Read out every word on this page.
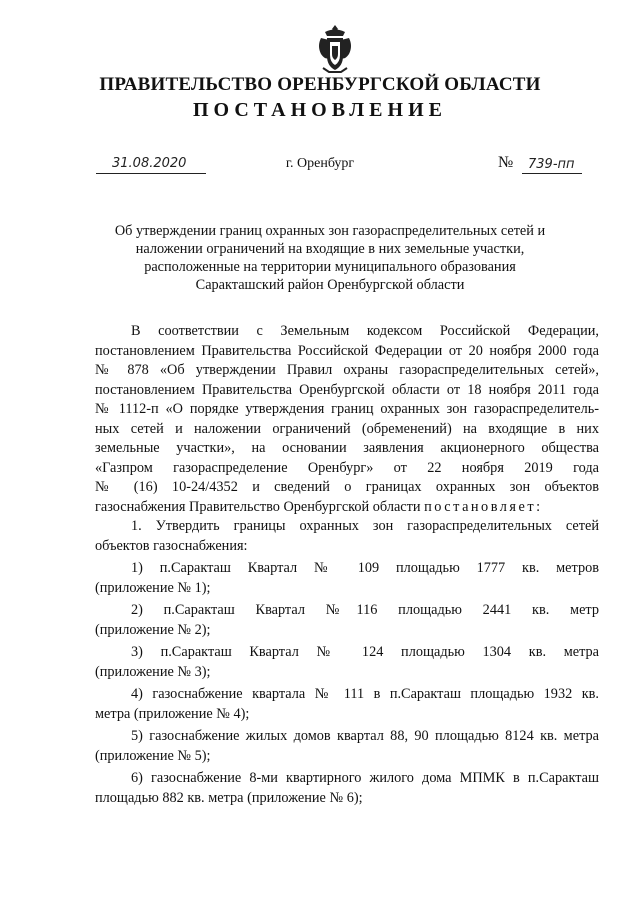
ПРАВИТЕЛЬСТВО ОРЕНБУРГСКОЙ ОБЛАСТИ
ПОСТАНОВЛЕНИЕ
31.08.2020	г. Оренбург	№ 739-пп
Об утверждении границ охранных зон газораспределительных сетей и
наложении ограничений на входящие в них земельные участки,
расположенные на территории муниципального образования
Саракташский район Оренбургской области

В соответствии с Земельным кодексом Российской Федерации,

постановлением Правительства Российской Федерации от 20 ноября 2000 года

№ 878 «Об утверждении Правил охраны газораспределительных сетей»,

постановлением Правительства Оренбургской области от 18 ноября 2011 года

№ 1112-п «О порядке утверждения границ охранных зон газораспределитель-

ных сетей и наложении ограничений (обременений) на входящие в них

земельные участки», на основании заявления акционерного общества

«Газпром газораспределение Оренбург» от 22 ноября 2019 года

№ (16) 10-24/4352 и сведений о границах охранных зон объектов

газоснабжения Правительство Оренбургской области постановляет:

1. Утвердить границы охранных зон газораспределительных сетей

объектов газоснабжения:

1) п.Саракташ Квартал № 109 площадью 1777 кв. метров

(приложение № 1);

2) п.Саракташ Квартал №116 площадью 2441 кв. метр

(приложение № 2);

3) п.Саракташ Квартал № 124 площадью 1304 кв. метра

(приложение № 3);

4) газоснабжение квартала № 111 в п.Саракташ площадью 1932 кв.

метра (приложение № 4);

5) газоснабжение жилых домов квартал 88, 90 площадью 8124 кв. метра

(приложение № 5);

6) газоснабжение 8-ми квартирного жилого дома МПМК в п.Саракташ

площадью 882 кв. метра (приложение № 6);
